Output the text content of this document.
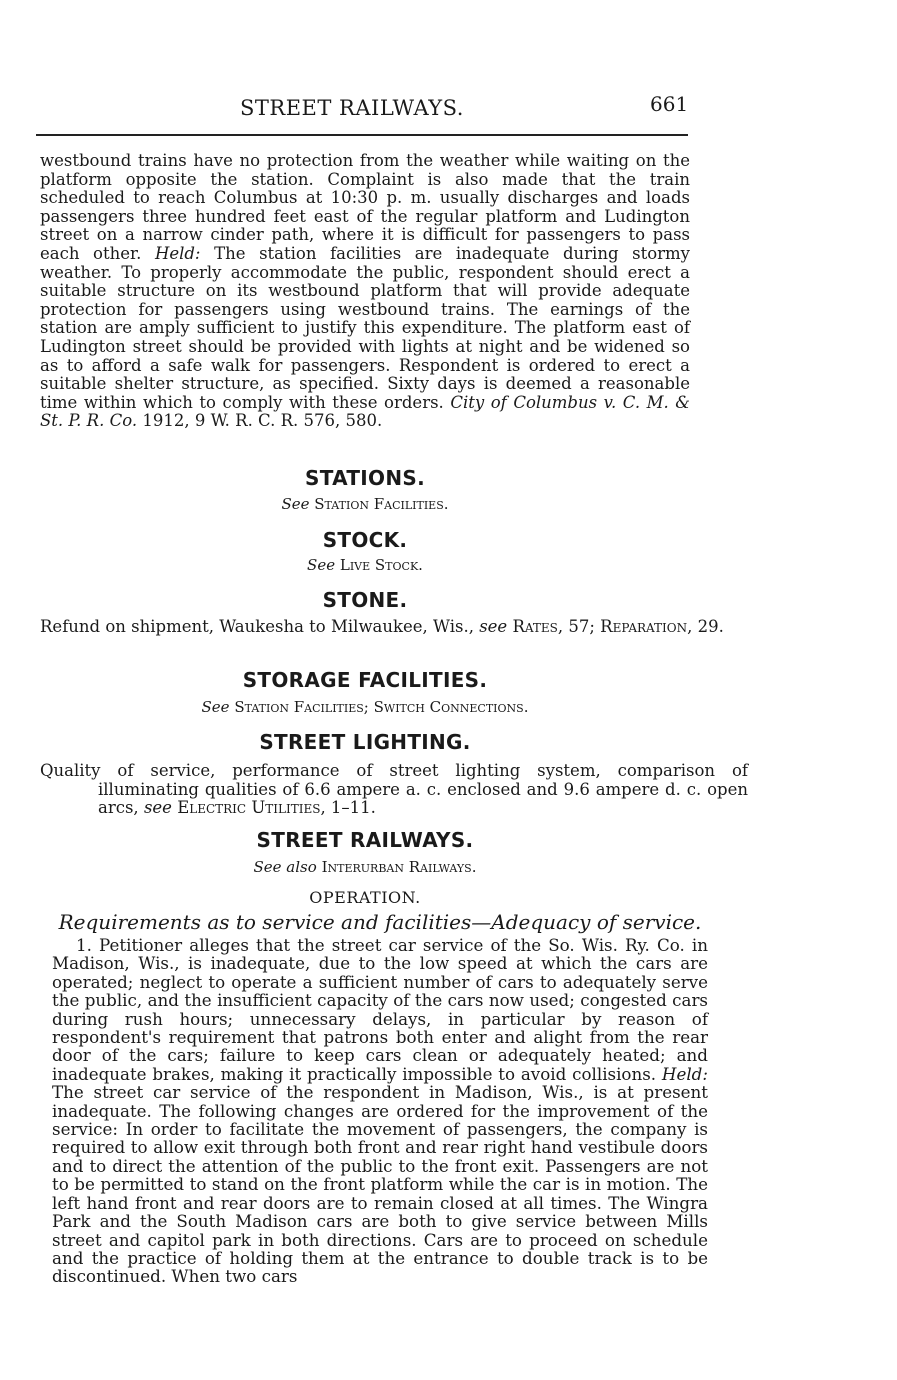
STREET RAILWAYS.	661
westbound trains have no protection from the weather while waiting on the platform opposite the station. Complaint is also made that the train scheduled to reach Columbus at 10:30 p. m. usually discharges and loads passengers three hundred feet east of the regular platform and Ludington street on a narrow cinder path, where it is difficult for passengers to pass each other. Held: The station facilities are inadequate during stormy weather. To properly accommodate the public, respondent should erect a suitable structure on its westbound platform that will provide adequate protection for passengers using westbound trains. The earnings of the station are amply sufficient to justify this expenditure. The platform east of Ludington street should be provided with lights at night and be widened so as to afford a safe walk for passengers. Respondent is ordered to erect a suitable shelter structure, as specified. Sixty days is deemed a reasonable time within which to comply with these orders. City of Columbus v. C. M. & St. P. R. Co. 1912, 9 W. R. C. R. 576, 580.
STATIONS.
See Station Facilities.
STOCK.
See Live Stock.
STONE.
Refund on shipment, Waukesha to Milwaukee, Wis., see Rates, 57; Reparation, 29.
STORAGE FACILITIES.
See Station Facilities; Switch Connections.
STREET LIGHTING.
Quality of service, performance of street lighting system, comparison of illuminating qualities of 6.6 ampere a. c. enclosed and 9.6 ampere d. c. open arcs, see Electric Utilities, 1–11.
STREET RAILWAYS.
See also Interurban Railways.
OPERATION.
Requirements as to service and facilities—Adequacy of service.
1. Petitioner alleges that the street car service of the So. Wis. Ry. Co. in Madison, Wis., is inadequate, due to the low speed at which the cars are operated; neglect to operate a sufficient number of cars to adequately serve the public, and the insufficient capacity of the cars now used; congested cars during rush hours; unnecessary delays, in particular by reason of respondent's requirement that patrons both enter and alight from the rear door of the cars; failure to keep cars clean or adequately heated; and inadequate brakes, making it practically impossible to avoid collisions. Held: The street car service of the respondent in Madison, Wis., is at present inadequate. The following changes are ordered for the improvement of the service: In order to facilitate the movement of passengers, the company is required to allow exit through both front and rear right hand vestibule doors and to direct the attention of the public to the front exit. Passengers are not to be permitted to stand on the front platform while the car is in motion. The left hand front and rear doors are to remain closed at all times. The Wingra Park and the South Madison cars are both to give service between Mills street and capitol park in both directions. Cars are to proceed on schedule and the practice of holding them at the entrance to double track is to be discontinued. When two cars
